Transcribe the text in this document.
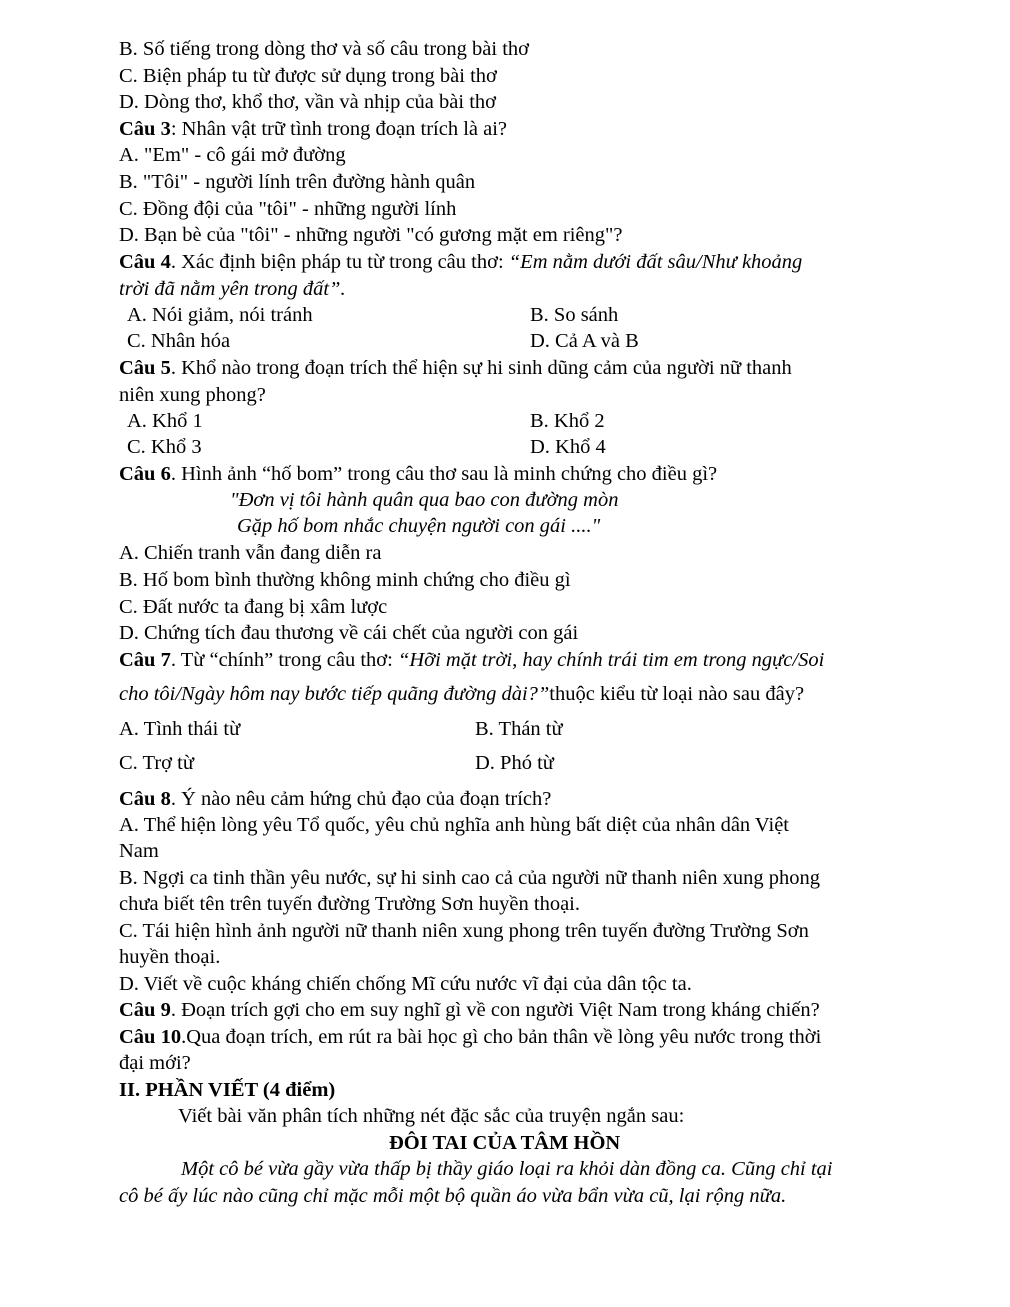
B. Số tiếng trong dòng thơ và số câu trong bài thơ
C. Biện pháp tu từ được sử dụng trong bài thơ
D. Dòng thơ, khổ thơ, vần và nhịp của bài thơ
Câu 3: Nhân vật trữ tình trong đoạn trích là ai?
A. "Em" - cô gái mở đường
B. "Tôi" - người lính trên đường hành quân
C. Đồng đội của "tôi" - những người lính
D. Bạn bè của "tôi" - những người "có gương mặt em riêng"?
Câu 4. Xác định biện pháp tu từ trong câu thơ: “Em nằm dưới đất sâu/Như khoảng
trời đã nằm yên trong đất”.
A. Nói giảm, nói tránh	B. So sánh
C. Nhân hóa	D. Cả A và B
Câu 5. Khổ nào trong đoạn trích thể hiện sự hi sinh dũng cảm của người nữ thanh
niên xung phong?
A. Khổ 1	B. Khổ 2
C. Khổ 3	D. Khổ 4
Câu 6. Hình ảnh “hố bom” trong câu thơ sau là minh chứng cho điều gì?
"Đơn vị tôi hành quân qua bao con đường mòn
Gặp hố bom nhắc chuyện người con gái ...."
A. Chiến tranh vẫn đang diễn ra
B. Hố bom bình thường không minh chứng cho điều gì
C. Đất nước ta đang bị xâm lược
D. Chứng tích đau thương về cái chết của người con gái
Câu 7. Từ “chính” trong câu thơ: “Hỡi mặt trời, hay chính trái tim em trong ngực/Soi
cho tôi/Ngày hôm nay bước tiếp quãng đường dài?”thuộc kiểu từ loại nào sau đây?
A. Tình thái từ	B. Thán từ
C. Trợ từ	D. Phó từ
Câu 8. Ý nào nêu cảm hứng chủ đạo của đoạn trích?
A. Thể hiện lòng yêu Tổ quốc, yêu chủ nghĩa anh hùng bất diệt của nhân dân Việt
Nam
B. Ngợi ca tinh thần yêu nước, sự hi sinh cao cả của người nữ thanh niên xung phong
chưa biết tên trên tuyến đường Trường Sơn huyền thoại.
C. Tái hiện hình ảnh người nữ thanh niên xung phong trên tuyến đường Trường Sơn
huyền thoại.
D. Viết về cuộc kháng chiến chống Mĩ cứu nước vĩ đại của dân tộc ta.
Câu 9. Đoạn trích gợi cho em suy nghĩ gì về con người Việt Nam trong kháng chiến?
Câu 10.Qua đoạn trích, em rút ra bài học gì cho bản thân về lòng yêu nước trong thời
đại mới?
II. PHẦN VIẾT (4 điểm)
Viết bài văn phân tích những nét đặc sắc của truyện ngắn sau:
ĐÔI TAI CỦA TÂM HỒN
Một cô bé vừa gầy vừa thấp bị thầy giáo loại ra khỏi dàn đồng ca. Cũng chỉ tại
cô bé ấy lúc nào cũng chỉ mặc mỗi một bộ quần áo vừa bẩn vừa cũ, lại rộng nữa.
